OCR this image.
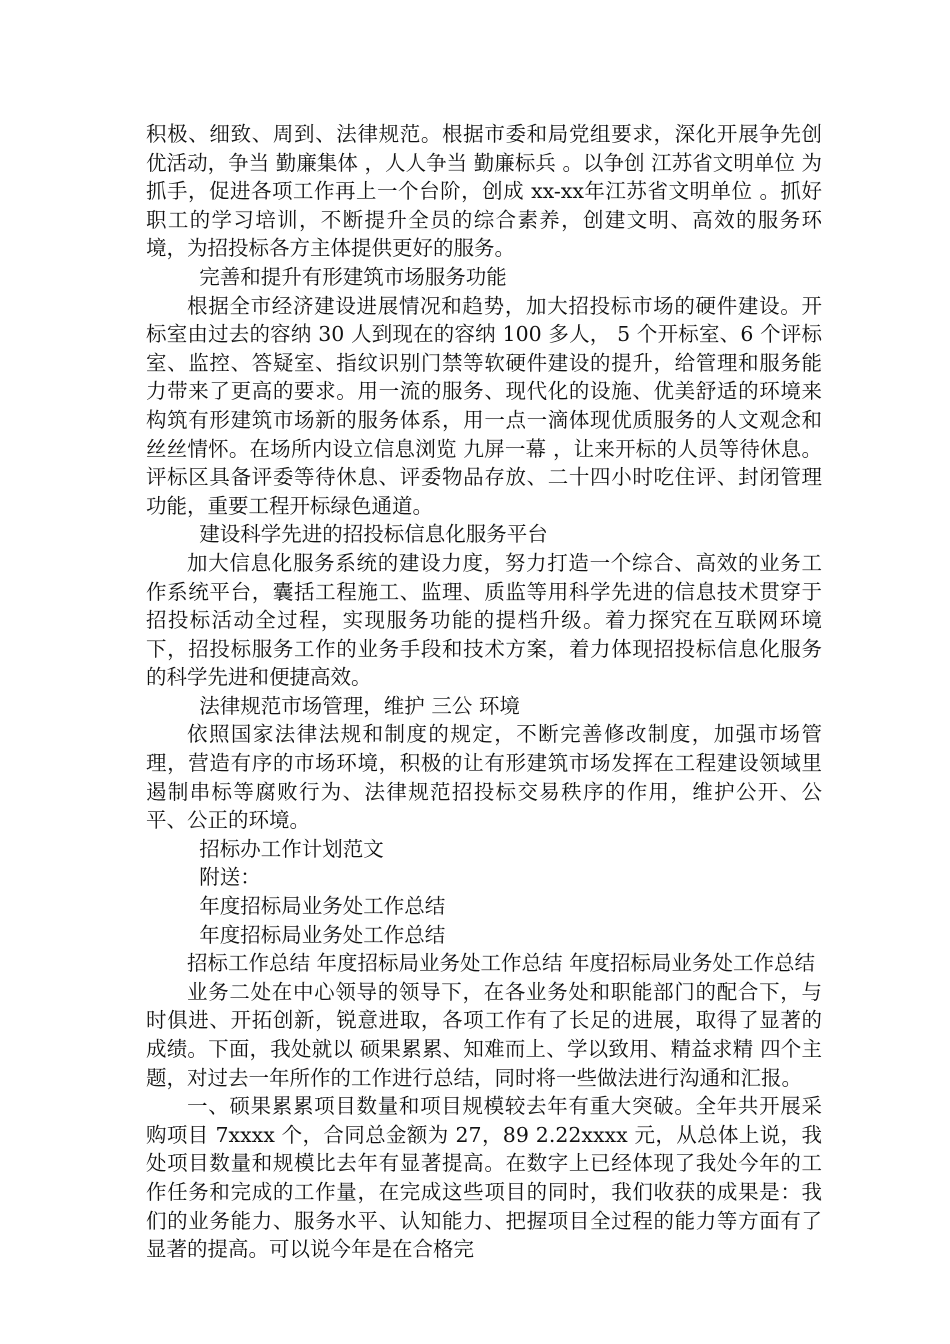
积极、细致、周到、法律规范。根据市委和局党组要求，深化开展争先创优活动，争当 勤廉集体 ，人人争当 勤廉标兵 。以争创 江苏省文明单位 为抓手，促进各项工作再上一个台阶，创成 xx-xx年江苏省文明单位 。抓好职工的学习培训，不断提升全员的综合素养，创建文明、高效的服务环境，为招投标各方主体提供更好的服务。

完善和提升有形建筑市场服务功能

根据全市经济建设进展情况和趋势，加大招投标市场的硬件建设。开标室由过去的容纳 30 人到现在的容纳 100 多人， 5 个开标室、6 个评标室、监控、答疑室、指纹识别门禁等软硬件建设的提升，给管理和服务能力带来了更高的要求。用一流的服务、现代化的设施、优美舒适的环境来构筑有形建筑市场新的服务体系，用一点一滴体现优质服务的人文观念和丝丝情怀。在场所内设立信息浏览 九屏一幕 ，让来开标的人员等待休息。评标区具备评委等待休息、评委物品存放、二十四小时吃住评、封闭管理功能，重要工程开标绿色通道。

建设科学先进的招投标信息化服务平台

加大信息化服务系统的建设力度，努力打造一个综合、高效的业务工作系统平台，囊括工程施工、监理、质监等用科学先进的信息技术贯穿于招投标活动全过程，实现服务功能的提档升级。着力探究在互联网环境下，招投标服务工作的业务手段和技术方案，着力体现招投标信息化服务的科学先进和便捷高效。

法律规范市场管理，维护 三公 环境

依照国家法律法规和制度的规定，不断完善修改制度，加强市场管理，营造有序的市场环境，积极的让有形建筑市场发挥在工程建设领域里遏制串标等腐败行为、法律规范招投标交易秩序的作用，维护公开、公平、公正的环境。

招标办工作计划范文

附送：

年度招标局业务处工作总结

年度招标局业务处工作总结

招标工作总结 年度招标局业务处工作总结 年度招标局业务处工作总结

业务二处在中心领导的领导下，在各业务处和职能部门的配合下，与时俱进、开拓创新，锐意进取，各项工作有了长足的进展，取得了显著的成绩。下面，我处就以 硕果累累、知难而上、学以致用、精益求精 四个主题，对过去一年所作的工作进行总结，同时将一些做法进行沟通和汇报。

一、硕果累累项目数量和项目规模较去年有重大突破。全年共开展采购项目 7xxxx 个，合同总金额为 27，89 2.22xxxx 元，从总体上说，我处项目数量和规模比去年有显著提高。在数字上已经体现了我处今年的工作任务和完成的工作量，在完成这些项目的同时，我们收获的成果是：我们的业务能力、服务水平、认知能力、把握项目全过程的能力等方面有了显著的提高。可以说今年是在合格完
